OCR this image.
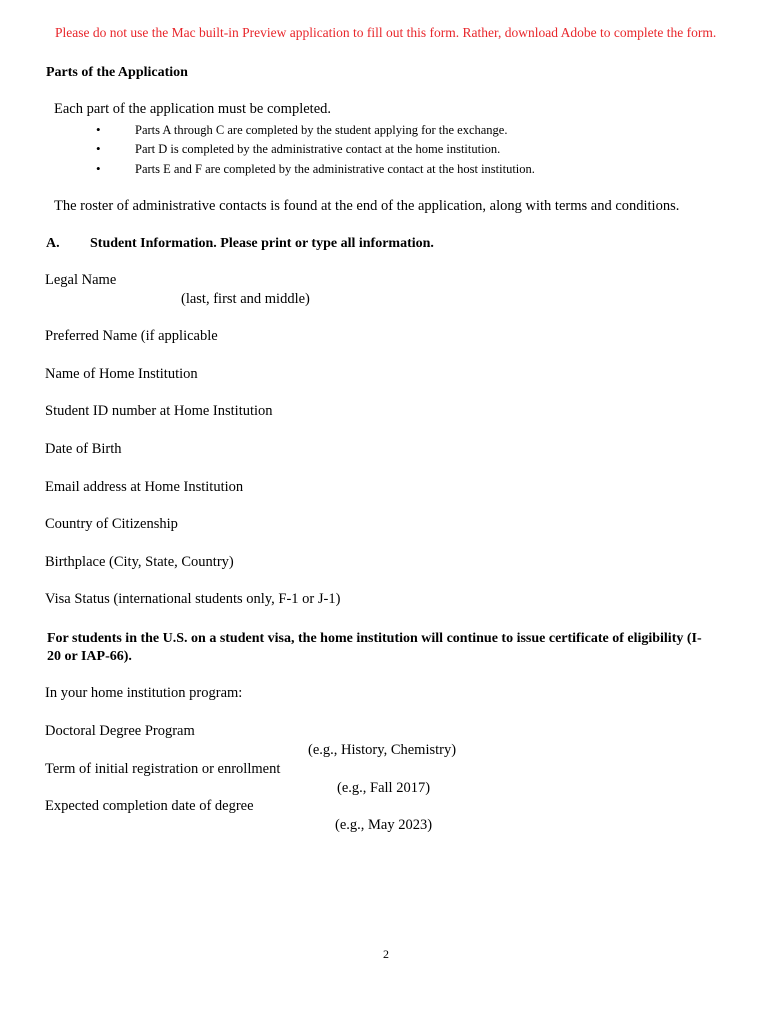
Please do not use the Mac built-in Preview application to fill out this form. Rather, download Adobe to complete the form.
Parts of the Application
Each part of the application must be completed.
•	Parts A through C are completed by the student applying for the exchange.
•	Part D is completed by the administrative contact at the home institution.
•	Parts E and F are completed by the administrative contact at the host institution.
The roster of administrative contacts is found at the end of the application, along with terms and conditions.
A. Student Information. Please print or type all information.
Legal Name
(last, first and middle)
Preferred Name (if applicable
Name of Home Institution
Student ID number at Home Institution
Date of Birth
Email address at Home Institution
Country of Citizenship
Birthplace (City, State, Country)
Visa Status (international students only, F-1 or J-1)
For students in the U.S. on a student visa, the home institution will continue to issue certificate of eligibility (I-20 or IAP-66).
In your home institution program:
Doctoral Degree Program
(e.g., History, Chemistry)
Term of initial registration or enrollment
(e.g., Fall 2017)
Expected completion date of degree
(e.g., May 2023)
2
